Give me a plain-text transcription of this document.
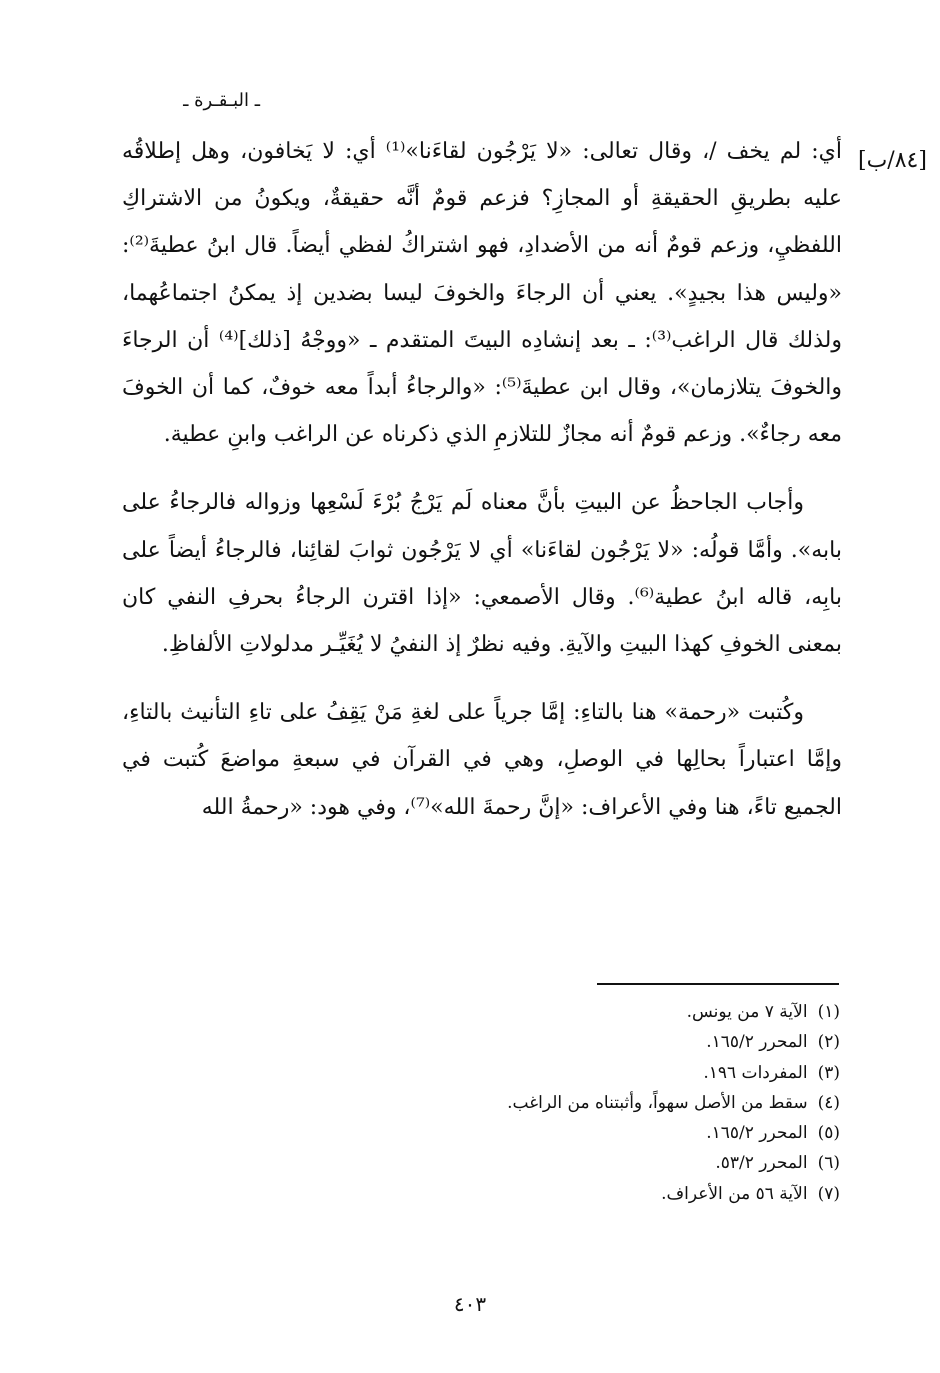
ـ البـقـرة ـ
[٨٤/ب]

أي: لم يخف /، وقال تعالى: «لا يَرْجُون لقاءَنا»⁽¹⁾ أي: لا يَخافون، وهل إطلاقُه عليه بطريقِ الحقيقةِ أو المجازِ؟ فزعم قومٌ أنَّه حقيقةٌ، ويكونُ من الاشتراكِ اللفظيِ، وزعم قومٌ أنه من الأضدادِ، فهو اشتراكُ لفظي أيضاً. قال ابنُ عطيةَ⁽²⁾: «وليس هذا بجيدٍ». يعني أن الرجاءَ والخوفَ ليسا بضدين إذ يمكنُ اجتماعُهما، ولذلك قال الراغب⁽³⁾: ـ بعد إنشادِه البيتَ المتقدم ـ «ووجْهُ [ذلك]⁽⁴⁾ أن الرجاءَ والخوفَ يتلازمان»، وقال ابن عطيةَ⁽⁵⁾: «والرجاءُ أبداً معه خوفٌ، كما أن الخوفَ معه رجاءٌ». وزعم قومٌ أنه مجازٌ للتلازمِ الذي ذكرناه عن الراغب وابنِ عطية.

وأجاب الجاحظُ عن البيتِ بأنَّ معناه لَم يَرْجُ بُرْءَ لَسْعِها وزواله فالرجاءُ على بابه». وأمَّا قولُه: «لا يَرْجُون لقاءَنا» أي لا يَرْجُون ثوابَ لقائِنا، فالرجاءُ أيضاً على بابِه، قاله ابنُ عطية⁽⁶⁾. وقال الأصمعي: «إذا اقترن الرجاءُ بحرفِ النفي كان بمعنى الخوفِ كهذا البيتِ والآيةِ. وفيه نظرٌ إذ النفيُ لا يُغَيِّـر مدلولاتِ الألفاظِ.

وكُتبت «رحمة» هنا بالتاءِ: إمَّا جرياً على لغةِ مَنْ يَقِفُ على تاءِ التأنيث بالتاءِ، وإمَّا اعتباراً بحالِها في الوصلِ، وهي في القرآن في سبعةِ مواضعَ كُتبت في الجميع تاءً، هنا وفي الأعراف: «إنَّ رحمةَ الله»⁽⁷⁾، وفي هود: «رحمةُ الله

(١)الآية ٧ من يونس.
(٢)المحرر ١٦٥/٢.
(٣)المفردات ١٩٦.
(٤)سقط من الأصل سهواً، وأثبتناه من الراغب.
(٥)المحرر ١٦٥/٢.
(٦)المحرر ٥٣/٢.
(٧)الآية ٥٦ من الأعراف.
٤٠٣
